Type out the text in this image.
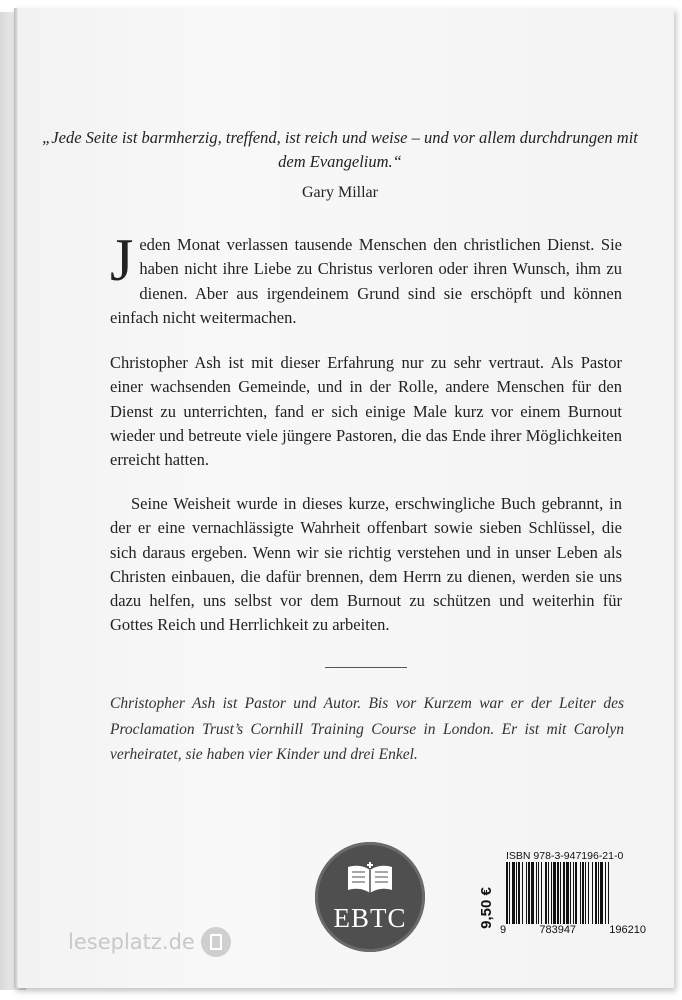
„Jede Seite ist barmherzig, treffend, ist reich und weise – und vor allem durchdrungen mit dem Evangelium.“
Gary Millar

Jeden Monat verlassen tausende Menschen den christlichen Dienst. Sie haben nicht ihre Liebe zu Christus verloren oder ihren Wunsch, ihm zu dienen. Aber aus irgendeinem Grund sind sie erschöpft und können einfach nicht weitermachen.

Christopher Ash ist mit dieser Erfahrung nur zu sehr vertraut. Als Pastor einer wachsenden Gemeinde, und in der Rolle, andere Menschen für den Dienst zu unterrichten, fand er sich einige Male kurz vor einem Burnout wieder und betreute viele jüngere Pastoren, die das Ende ihrer Möglichkeiten erreicht hatten.

Seine Weisheit wurde in dieses kurze, erschwingliche Buch gebrannt, in der er eine vernachlässigte Wahrheit offenbart sowie sieben Schlüssel, die sich daraus ergeben. Wenn wir sie richtig verstehen und in unser Leben als Christen einbauen, die dafür brennen, dem Herrn zu dienen, werden sie uns dazu helfen, uns selbst vor dem Burnout zu schützen und weiterhin für Gottes Reich und Herrlichkeit zu arbeiten.

Christopher Ash ist Pastor und Autor. Bis vor Kurzem war er der Leiter des Proclamation Trust’s Cornhill Training Course in London. Er ist mit Carolyn verheiratet, sie haben vier Kinder und drei Enkel.

EBTC
ISBN 978-3-947196-21-0
9,50 €
9	783947	196210
leseplatz.de
